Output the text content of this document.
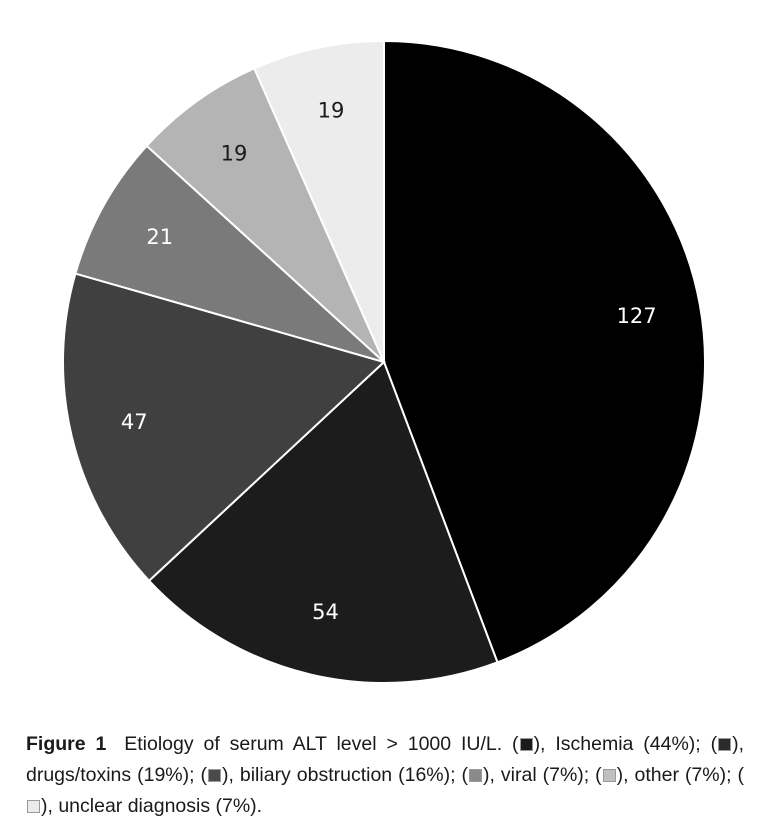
127
54
47
21
19
19
Figure 1 Etiology of serum ALT level > 1000 IU/L. ( ), Ischemia (44%); ( ), drugs/toxins (19%); ( ), biliary obstruction (16%); ( ), viral (7%); ( ), other (7%); (), unclear diagnosis (7%).
